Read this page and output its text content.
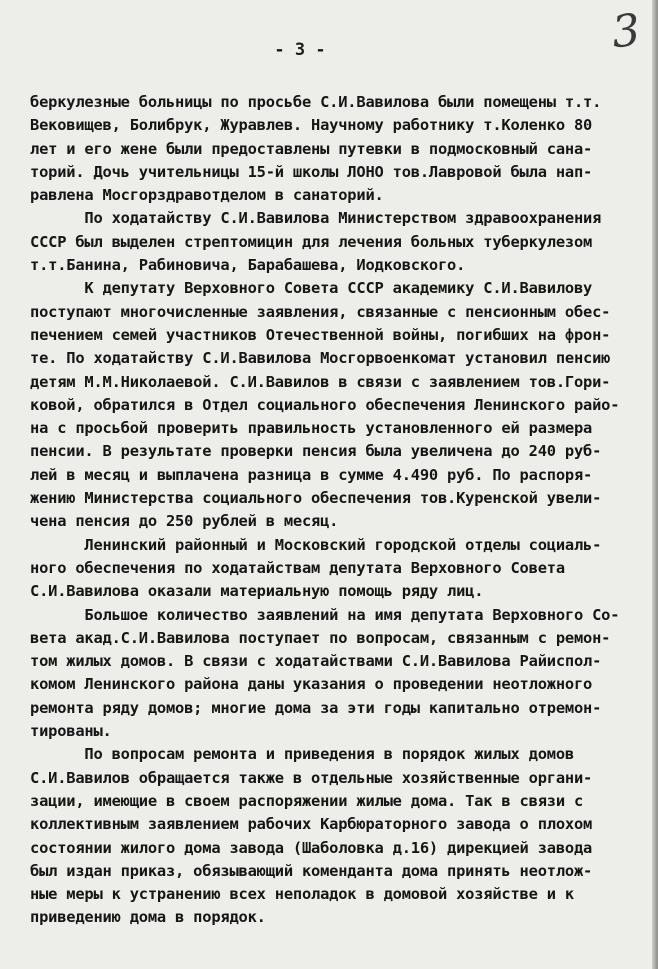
3
- 3 -
беркулезные больницы по просьбе С.И.Вавилова были помещены т.т.
Вековищев, Болибрук, Журавлев. Научному работнику т.Коленко 80
лет и его жене были предоставлены путевки в подмосковный сана-
торий. Дочь учительницы 15-й школы ЛОНО тов.Лавровой была нап-
равлена Мосгорздравотделом в санаторий.
По ходатайству С.И.Вавилова Министерством здравоохранения
СССР был выделен стрептомицин для лечения больных туберкулезом
т.т.Банина, Рабиновича, Барабашева, Иодковского.
К депутату Верховного Совета СССР академику С.И.Вавилову
поступают многочисленные заявления, связанные с пенсионным обес-
печением семей участников Отечественной войны, погибших на фрон-
те. По ходатайству С.И.Вавилова Мосгорвоенкомат установил пенсию
детям М.М.Николаевой. С.И.Вавилов в связи с заявлением тов.Гори-
ковой, обратился в Отдел социального обеспечения Ленинского райо-
на с просьбой проверить правильность установленного ей размера
пенсии. В результате проверки пенсия была увеличена до 240 руб-
лей в месяц и выплачена разница в сумме 4.490 руб. По распоря-
жению Министерства социального обеспечения тов.Куренской увели-
чена пенсия до 250 рублей в месяц.
Ленинский районный и Московский городской отделы социаль-
ного обеспечения по ходатайствам депутата Верховного Совета
С.И.Вавилова оказали материальную помощь ряду лиц.
Большое количество заявлений на имя депутата Верховного Со-
вета акад.С.И.Вавилова поступает по вопросам, связанным с ремон-
том жилых домов. В связи с ходатайствами С.И.Вавилова Райиспол-
комом Ленинского района даны указания о проведении неотложного
ремонта ряду домов; многие дома за эти годы капитально отремон-
тированы.
По вопросам ремонта и приведения в порядок жилых домов
С.И.Вавилов обращается также в отдельные хозяйственные органи-
зации, имеющие в своем распоряжении жилые дома. Так в связи с
коллективным заявлением рабочих Карбюраторного завода о плохом
состоянии жилого дома завода (Шаболовка д.16) дирекцией завода
был издан приказ, обязывающий коменданта дома принять неотлож-
ные меры к устранению всех неполадок в домовой хозяйстве и к
приведению дома в порядок.
